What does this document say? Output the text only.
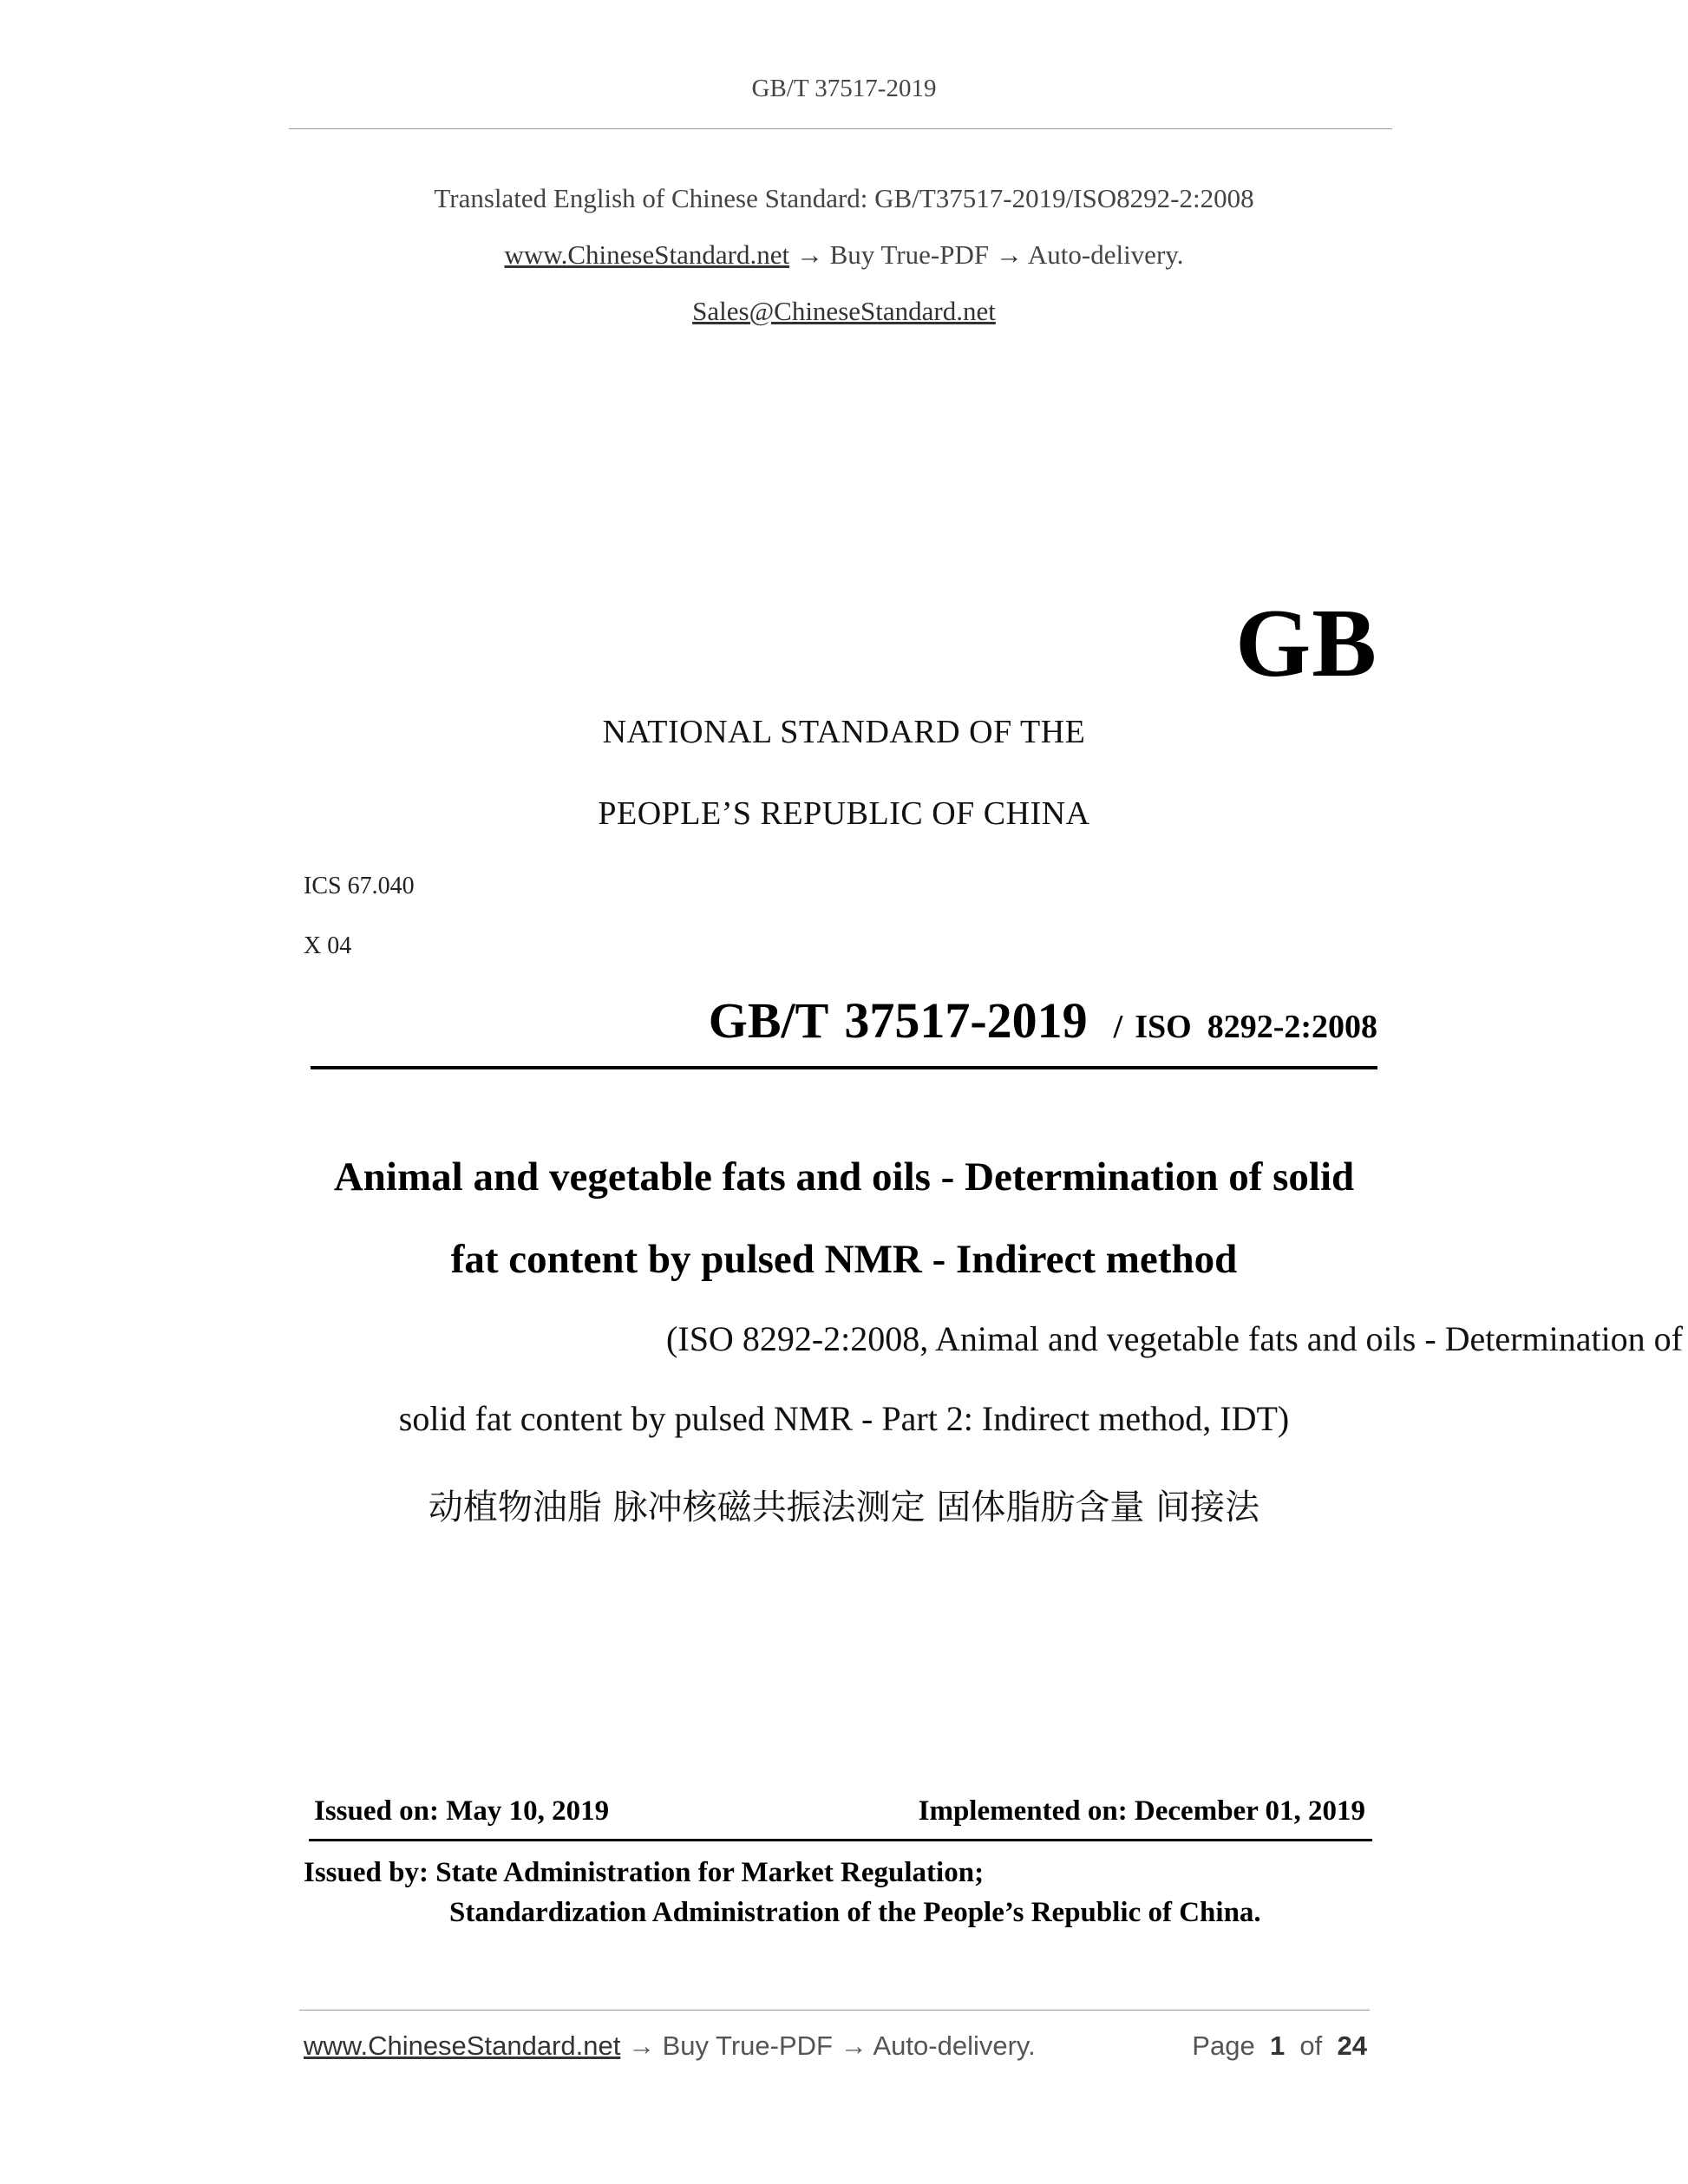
GB/T 37517-2019
Translated English of Chinese Standard: GB/T37517-2019/ISO8292-2:2008
www.ChineseStandard.net → Buy True-PDF → Auto-delivery.
Sales@ChineseStandard.net
GB
NATIONAL STANDARD OF THE
PEOPLE’S REPUBLIC OF CHINA
ICS 67.040
X 04
GB/T 37517-2019 / ISO 8292-2:2008
Animal and vegetable fats and oils - Determination of solid
fat content by pulsed NMR - Indirect method
(ISO 8292-2:2008, Animal and vegetable fats and oils - Determination of
solid fat content by pulsed NMR - Part 2: Indirect method, IDT)
动植物油脂 脉冲核磁共振法测定 固体脂肪含量 间接法
Issued on: May 10, 2019	Implemented on: December 01, 2019
Issued by: State Administration for Market Regulation;
Standardization Administration of the People’s Republic of China.
www.ChineseStandard.net → Buy True-PDF → Auto-delivery.	Page 1 of 24
